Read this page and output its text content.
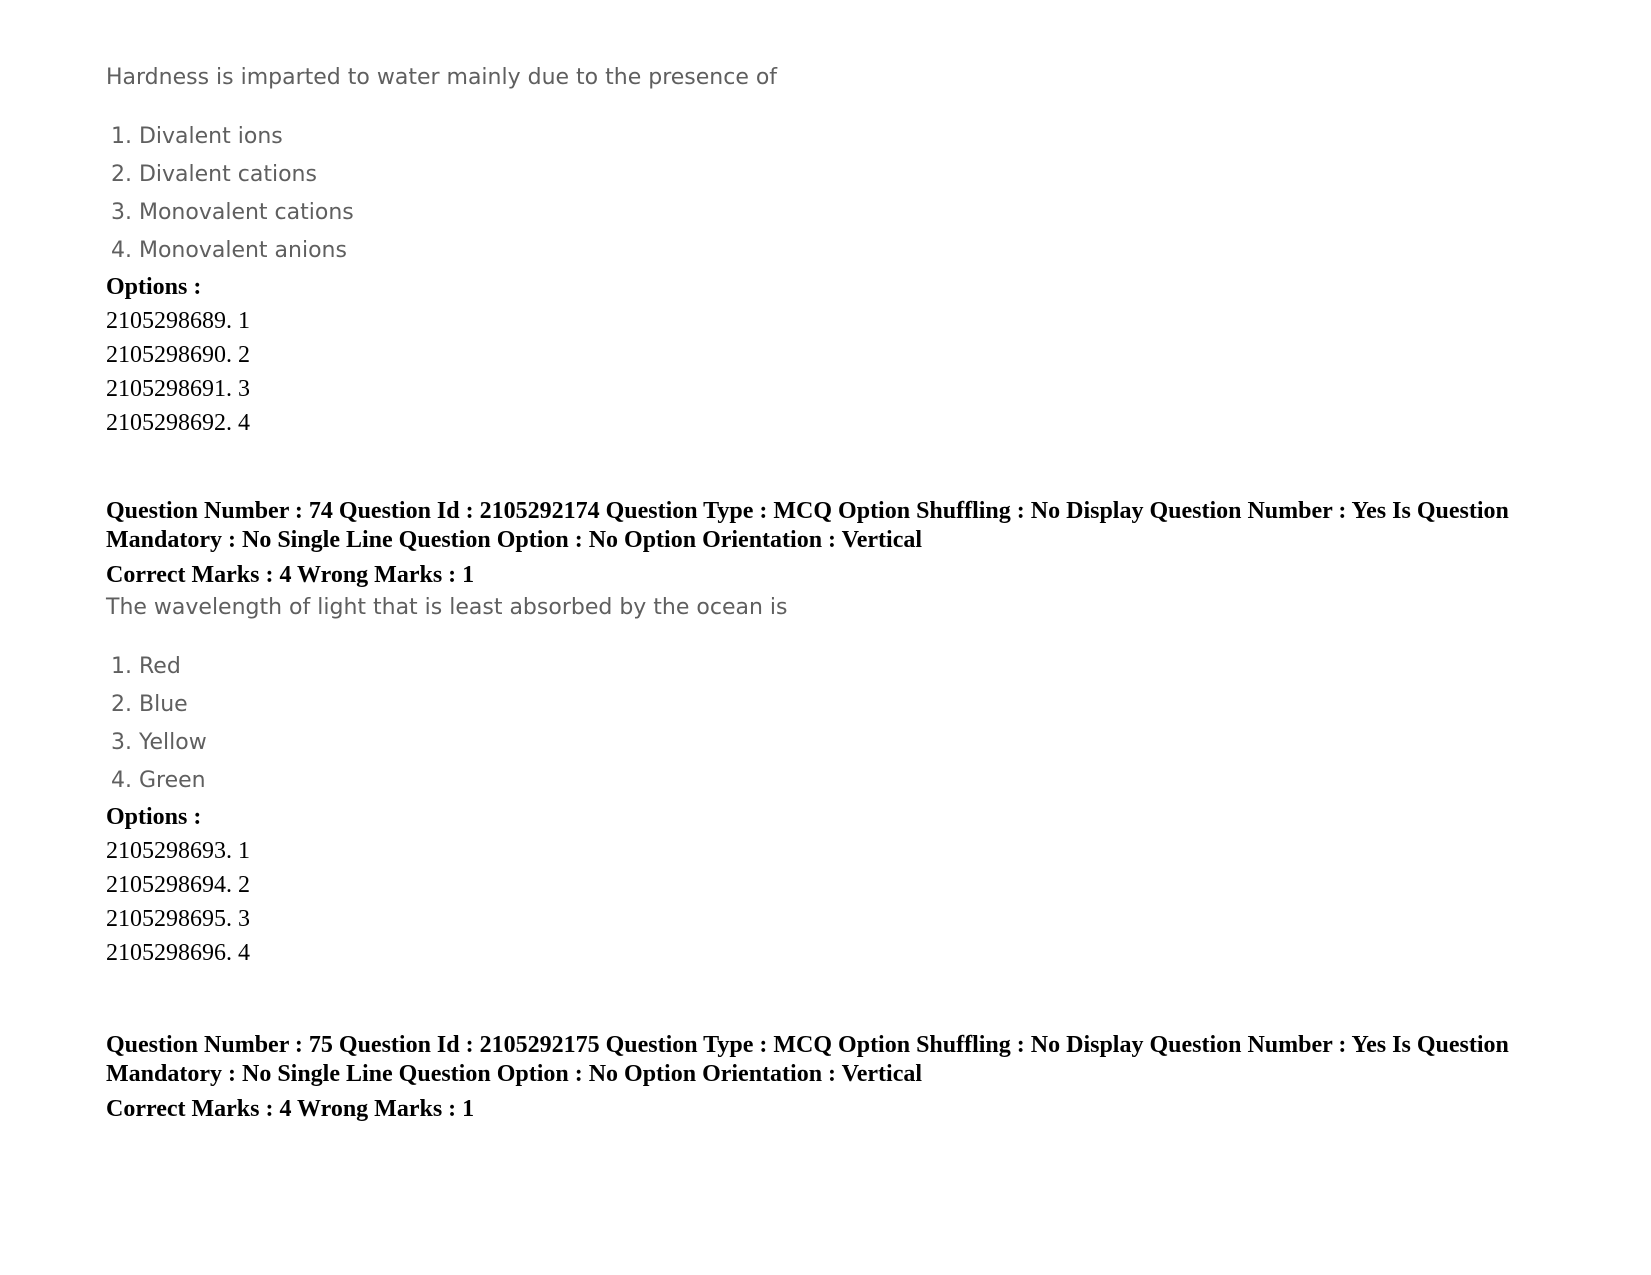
Hardness is imparted to water mainly due to the presence of
1. Divalent ions
2. Divalent cations
3. Monovalent cations
4. Monovalent anions
Options :
2105298689. 1
2105298690. 2
2105298691. 3
2105298692. 4
Question Number : 74 Question Id : 2105292174 Question Type : MCQ Option Shuffling : No Display Question Number : Yes Is Question Mandatory : No Single Line Question Option : No Option Orientation : Vertical
Correct Marks : 4 Wrong Marks : 1
The wavelength of light that is least absorbed by the ocean is
1. Red
2. Blue
3. Yellow
4. Green
Options :
2105298693. 1
2105298694. 2
2105298695. 3
2105298696. 4
Question Number : 75 Question Id : 2105292175 Question Type : MCQ Option Shuffling : No Display Question Number : Yes Is Question Mandatory : No Single Line Question Option : No Option Orientation : Vertical
Correct Marks : 4 Wrong Marks : 1
